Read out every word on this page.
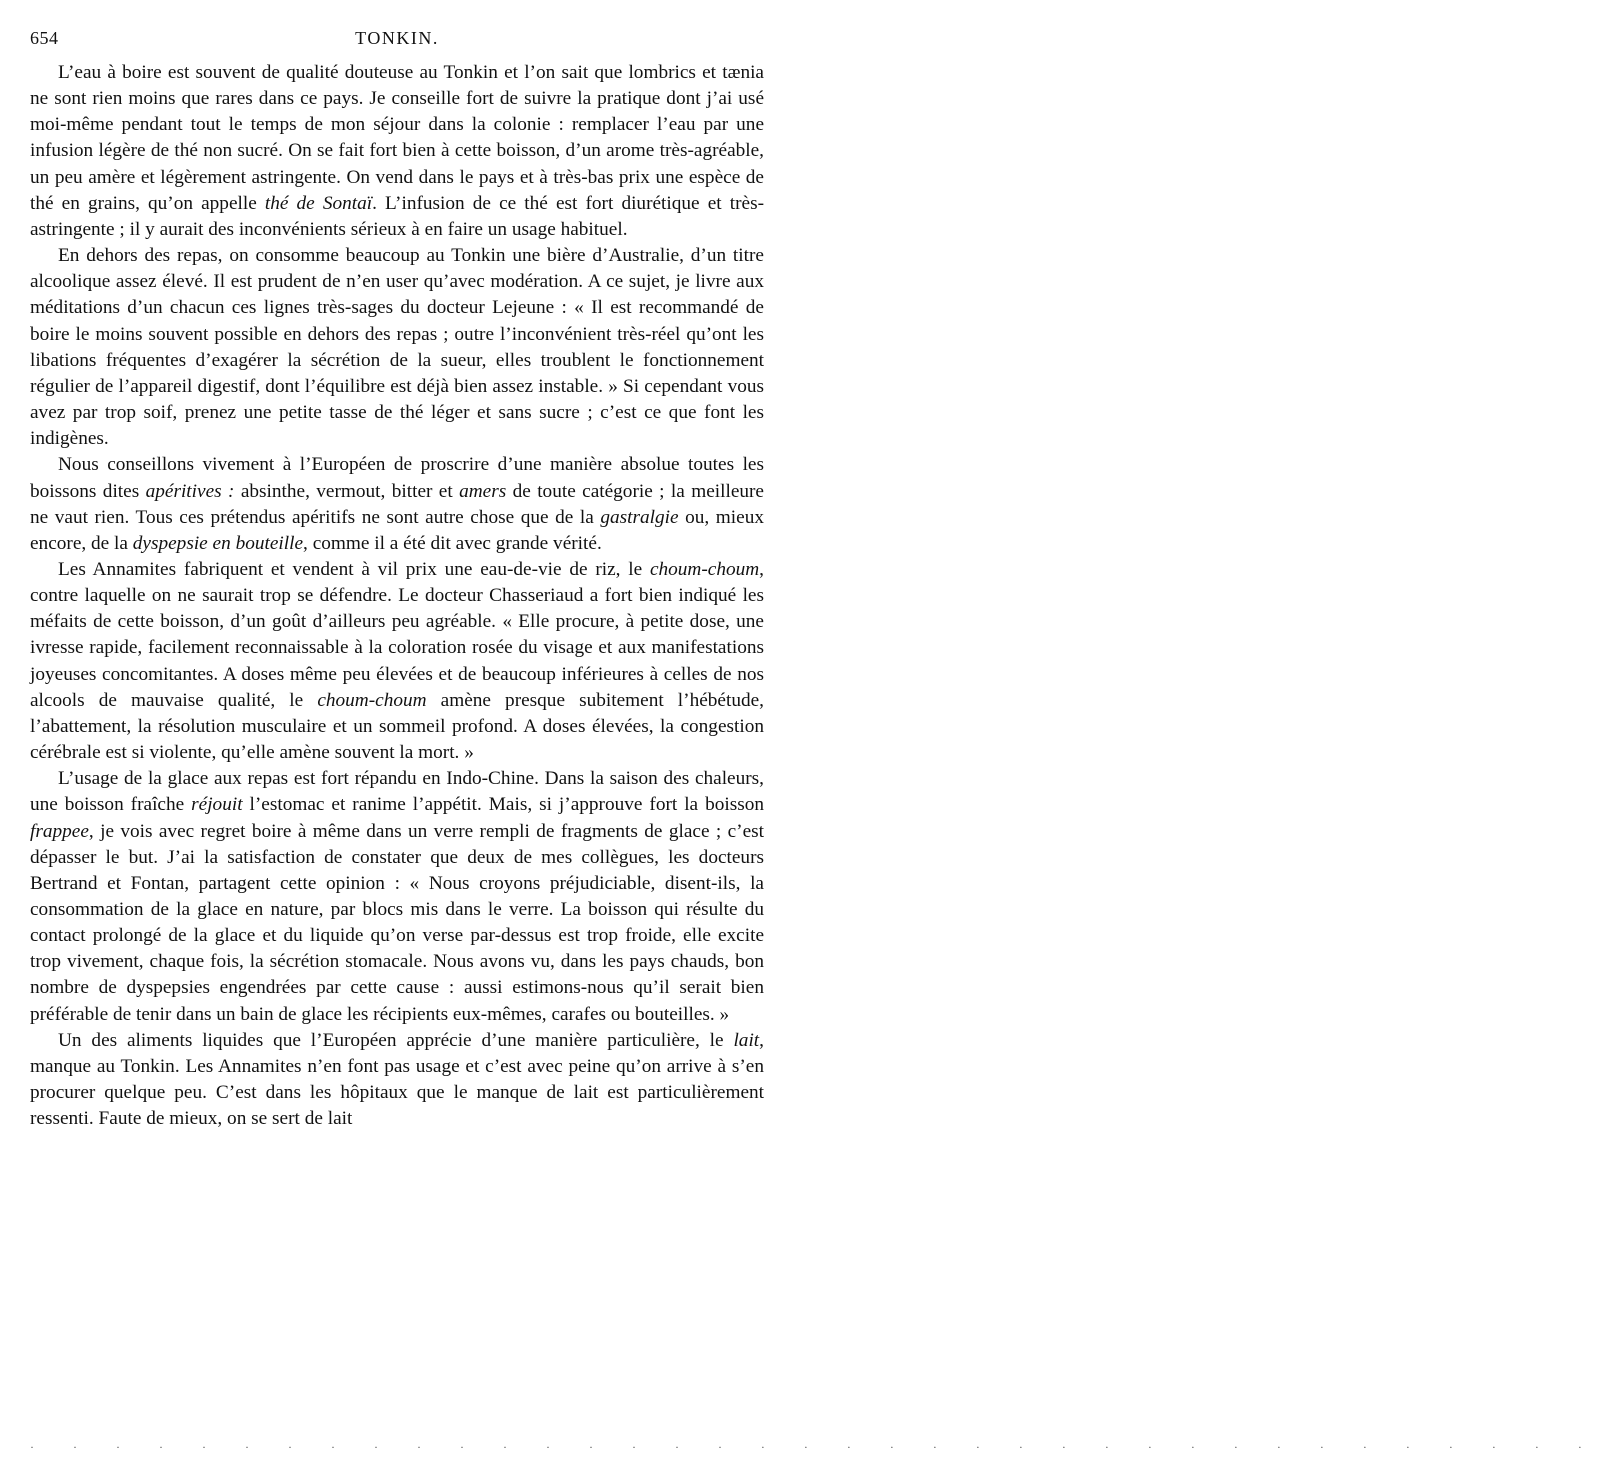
654	TONKIN.

L’eau à boire est souvent de qualité douteuse au Tonkin et l’on sait que lombrics et tænia ne sont rien moins que rares dans ce pays. Je conseille fort de suivre la pratique dont j’ai usé moi-même pendant tout le temps de mon séjour dans la colonie : remplacer l’eau par une infusion légère de thé non sucré. On se fait fort bien à cette boisson, d’un arome très-agréable, un peu amère et légèrement astringente. On vend dans le pays et à très-bas prix une espèce de thé en grains, qu’on appelle thé de Sontaï. L’infusion de ce thé est fort diurétique et très-astringente ; il y aurait des inconvénients sérieux à en faire un usage habituel.

En dehors des repas, on consomme beaucoup au Tonkin une bière d’Australie, d’un titre alcoolique assez élevé. Il est prudent de n’en user qu’avec modération. A ce sujet, je livre aux méditations d’un chacun ces lignes très-sages du docteur Lejeune : « Il est recommandé de boire le moins souvent possible en dehors des repas ; outre l’inconvénient très-réel qu’ont les libations fréquentes d’exagérer la sécrétion de la sueur, elles troublent le fonctionnement régulier de l’appareil digestif, dont l’équilibre est déjà bien assez instable. » Si cependant vous avez par trop soif, prenez une petite tasse de thé léger et sans sucre ; c’est ce que font les indigènes.

Nous conseillons vivement à l’Européen de proscrire d’une manière absolue toutes les boissons dites apéritives : absinthe, vermout, bitter et amers de toute catégorie ; la meilleure ne vaut rien. Tous ces prétendus apéritifs ne sont autre chose que de la gastralgie ou, mieux encore, de la dyspepsie en bouteille, comme il a été dit avec grande vérité.

Les Annamites fabriquent et vendent à vil prix une eau-de-vie de riz, le choum-choum, contre laquelle on ne saurait trop se défendre. Le docteur Chasseriaud a fort bien indiqué les méfaits de cette boisson, d’un goût d’ailleurs peu agréable. « Elle procure, à petite dose, une ivresse rapide, facilement reconnaissable à la coloration rosée du visage et aux manifestations joyeuses concomitantes. A doses même peu élevées et de beaucoup inférieures à celles de nos alcools de mauvaise qualité, le choum-choum amène presque subitement l’hébétude, l’abattement, la résolution musculaire et un sommeil profond. A doses élevées, la congestion cérébrale est si violente, qu’elle amène souvent la mort. »

L’usage de la glace aux repas est fort répandu en Indo-Chine. Dans la saison des chaleurs, une boisson fraîche réjouit l’estomac et ranime l’appétit. Mais, si j’approuve fort la boisson frappee, je vois avec regret boire à même dans un verre rempli de fragments de glace ; c’est dépasser le but. J’ai la satisfaction de constater que deux de mes collègues, les docteurs Bertrand et Fontan, partagent cette opinion : « Nous croyons préjudiciable, disent-ils, la consommation de la glace en nature, par blocs mis dans le verre. La boisson qui résulte du contact prolongé de la glace et du liquide qu’on verse par-dessus est trop froide, elle excite trop vivement, chaque fois, la sécrétion stomacale. Nous avons vu, dans les pays chauds, bon nombre de dyspepsies engendrées par cette cause : aussi estimons-nous qu’il serait bien préférable de tenir dans un bain de glace les récipients eux-mêmes, carafes ou bouteilles. »

Un des aliments liquides que l’Européen apprécie d’une manière particulière, le lait, manque au Tonkin. Les Annamites n’en font pas usage et c’est avec peine qu’on arrive à s’en procurer quelque peu. C’est dans les hôpitaux que le manque de lait est particulièrement ressenti. Faute de mieux, on se sert de lait

· · · · · · · · · · · · · · · · · · · · · · · · · · · · · · · · · · · · ·
